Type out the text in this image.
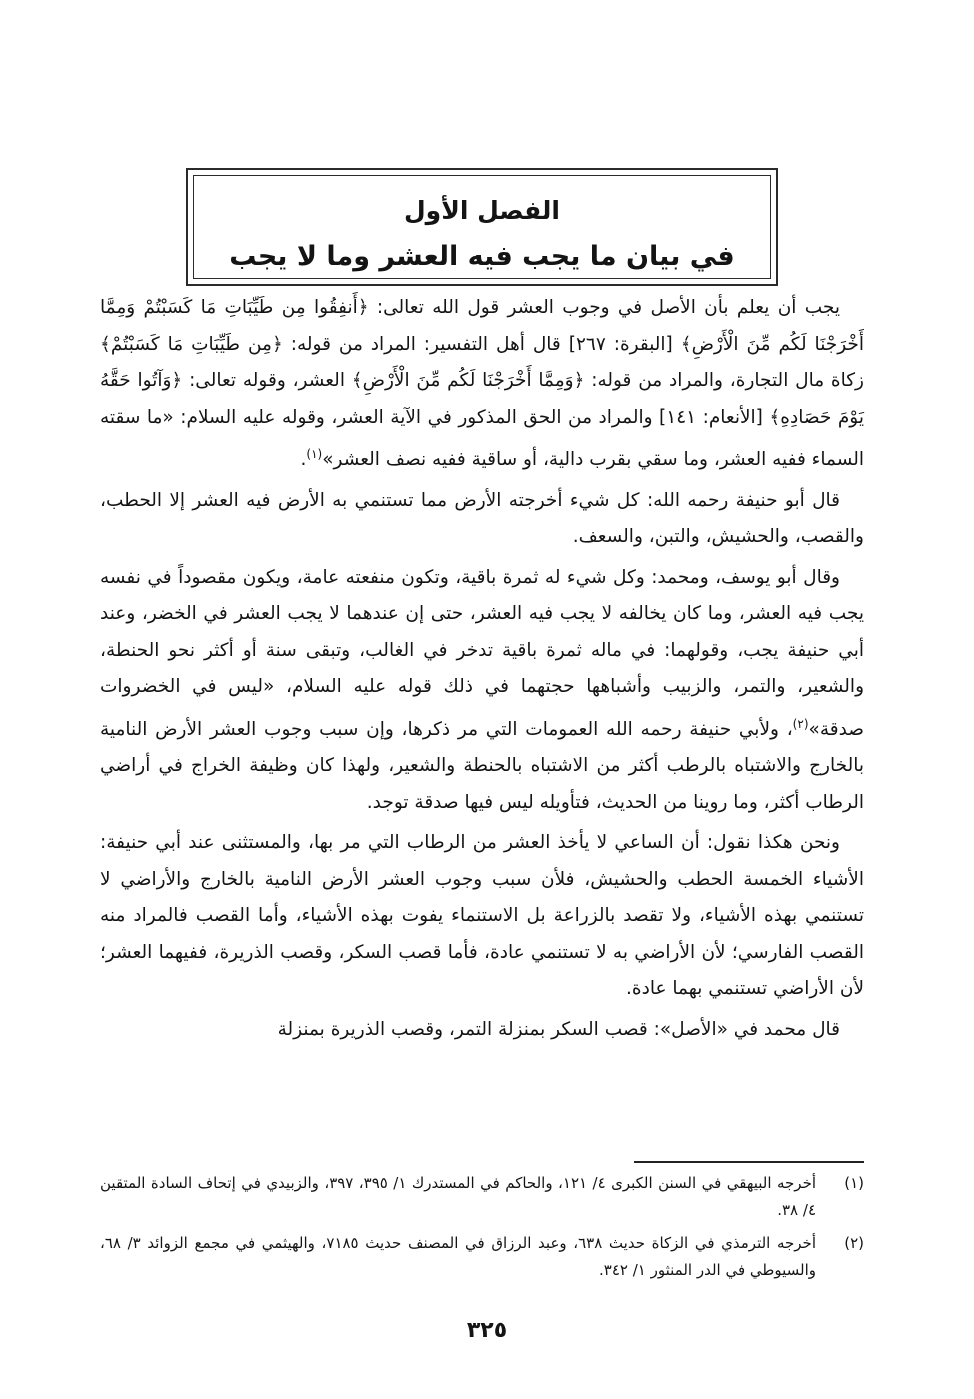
الفصل الأول
في بيان ما يجب فيه العشر وما لا يجب

يجب أن يعلم بأن الأصل في وجوب العشر قول الله تعالى: ﴿أَنفِقُوا مِن طَيِّبَاتِ مَا كَسَبْتُمْ وَمِمَّا أَخْرَجْنَا لَكُم مِّنَ الْأَرْضِ﴾ [البقرة: ٢٦٧] قال أهل التفسير: المراد من قوله: ﴿مِن طَيِّبَاتِ مَا كَسَبْتُمْ﴾ زكاة مال التجارة، والمراد من قوله: ﴿وَمِمَّا أَخْرَجْنَا لَكُم مِّنَ الْأَرْضِ﴾ العشر، وقوله تعالى: ﴿وَآتُوا حَقَّهُ يَوْمَ حَصَادِهِ﴾ [الأنعام: ١٤١] والمراد من الحق المذكور في الآية العشر، وقوله عليه السلام: «ما سقته السماء ففيه العشر، وما سقي بقرب دالية، أو ساقية ففيه نصف العشر»$^{(١)}$.

قال أبو حنيفة رحمه الله: كل شيء أخرجته الأرض مما تستنمي به الأرض فيه العشر إلا الحطب، والقصب، والحشيش، والتبن، والسعف.

وقال أبو يوسف، ومحمد: وكل شيء له ثمرة باقية، وتكون منفعته عامة، ويكون مقصوداً في نفسه يجب فيه العشر، وما كان يخالفه لا يجب فيه العشر، حتى إن عندهما لا يجب العشر في الخضر، وعند أبي حنيفة يجب، وقولهما: في ماله ثمرة باقية تدخر في الغالب، وتبقى سنة أو أكثر نحو الحنطة، والشعير، والتمر، والزبيب وأشباهها حجتهما في ذلك قوله عليه السلام، «ليس في الخضروات صدقة»$^{(٢)}$، ولأبي حنيفة رحمه الله العمومات التي مر ذكرها، وإن سبب وجوب العشر الأرض النامية بالخارج والاشتباه بالرطب أكثر من الاشتباه بالحنطة والشعير، ولهذا كان وظيفة الخراج في أراضي الرطاب أكثر، وما روينا من الحديث، فتأويله ليس فيها صدقة توجد.

ونحن هكذا نقول: أن الساعي لا يأخذ العشر من الرطاب التي مر بها، والمستثنى عند أبي حنيفة: الأشياء الخمسة الحطب والحشيش، فلأن سبب وجوب العشر الأرض النامية بالخارج والأراضي لا تستنمي بهذه الأشياء، ولا تقصد بالزراعة بل الاستنماء يفوت بهذه الأشياء، وأما القصب فالمراد منه القصب الفارسي؛ لأن الأراضي به لا تستنمي عادة، فأما قصب السكر، وقصب الذريرة، ففيهما العشر؛ لأن الأراضي تستنمي بهما عادة.

قال محمد في «الأصل»: قصب السكر بمنزلة التمر، وقصب الذريرة بمنزلة

(١)
أخرجه البيهقي في السنن الكبرى ٤/ ١٢١، والحاكم في المستدرك ١/ ٣٩٥، ٣٩٧، والزبيدي في إتحاف السادة المتقين ٤/ ٣٨.
(٢)
أخرجه الترمذي في الزكاة حديث ٦٣٨، وعبد الرزاق في المصنف حديث ٧١٨٥، والهيثمي في مجمع الزوائد ٣/ ٦٨، والسيوطي في الدر المنثور ١/ ٣٤٢.
٣٢٥
